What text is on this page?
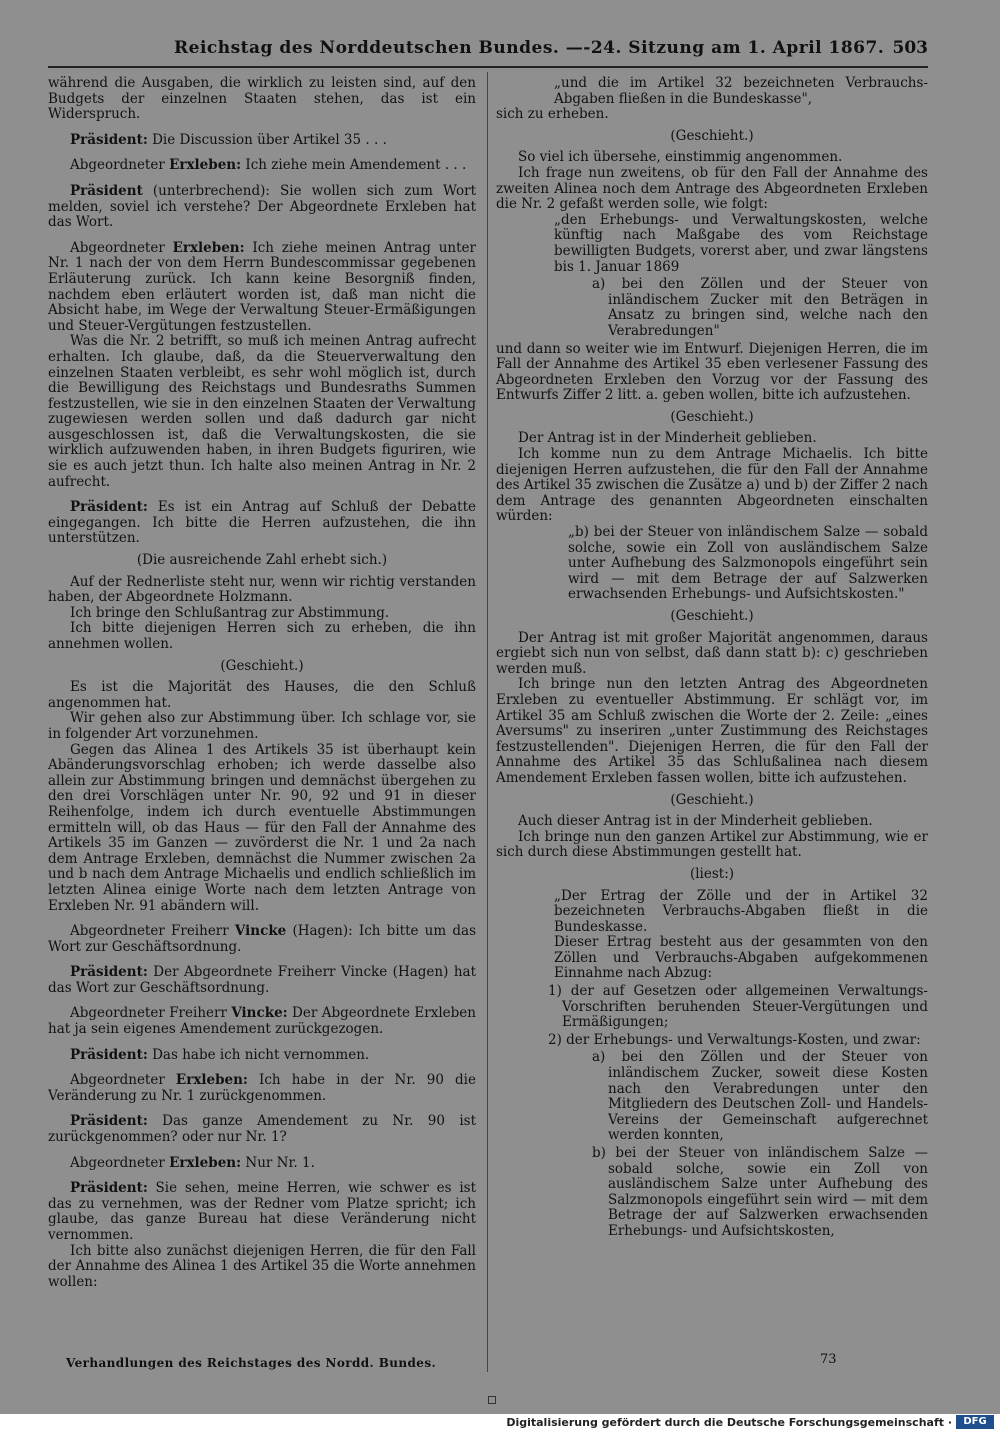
Reichstag des Norddeutschen Bundes. —-24. Sitzung am 1. April 1867. 503

während die Ausgaben, die wirklich zu leisten sind, auf den Budgets der einzelnen Staaten stehen, das ist ein Widerspruch.

Präsident: Die Discussion über Artikel 35 . . .

Abgeordneter Erxleben: Ich ziehe mein Amendement . . .

Präsident (unterbrechend): Sie wollen sich zum Wort melden, soviel ich verstehe? Der Abgeordnete Erxleben hat das Wort.

Abgeordneter Erxleben: Ich ziehe meinen Antrag unter Nr. 1 nach der von dem Herrn Bundescommissar gegebenen Erläuterung zurück. Ich kann keine Besorgniß finden, nachdem eben erläutert worden ist, daß man nicht die Absicht habe, im Wege der Verwaltung Steuer-Ermäßigungen und Steuer-Vergütungen festzustellen.

Was die Nr. 2 betrifft, so muß ich meinen Antrag aufrecht erhalten. Ich glaube, daß, da die Steuerverwaltung den einzelnen Staaten verbleibt, es sehr wohl möglich ist, durch die Bewilligung des Reichstags und Bundesraths Summen festzustellen, wie sie in den einzelnen Staaten der Verwaltung zugewiesen werden sollen und daß dadurch gar nicht ausgeschlossen ist, daß die Verwaltungskosten, die sie wirklich aufzuwenden haben, in ihren Budgets figuriren, wie sie es auch jetzt thun. Ich halte also meinen Antrag in Nr. 2 aufrecht.

Präsident: Es ist ein Antrag auf Schluß der Debatte eingegangen. Ich bitte die Herren aufzustehen, die ihn unterstützen.

(Die ausreichende Zahl erhebt sich.)

Auf der Rednerliste steht nur, wenn wir richtig verstanden haben, der Abgeordnete Holzmann.

Ich bringe den Schlußantrag zur Abstimmung.

Ich bitte diejenigen Herren sich zu erheben, die ihn annehmen wollen.

(Geschieht.)

Es ist die Majorität des Hauses, die den Schluß angenommen hat.

Wir gehen also zur Abstimmung über. Ich schlage vor, sie in folgender Art vorzunehmen.

Gegen das Alinea 1 des Artikels 35 ist überhaupt kein Abänderungsvorschlag erhoben; ich werde dasselbe also allein zur Abstimmung bringen und demnächst übergehen zu den drei Vorschlägen unter Nr. 90, 92 und 91 in dieser Reihenfolge, indem ich durch eventuelle Abstimmungen ermitteln will, ob das Haus — für den Fall der Annahme des Artikels 35 im Ganzen — zuvörderst die Nr. 1 und 2a nach dem Antrage Erxleben, demnächst die Nummer zwischen 2a und b nach dem Antrage Michaelis und endlich schließlich im letzten Alinea einige Worte nach dem letzten Antrage von Erxleben Nr. 91 abändern will.

Abgeordneter Freiherr Vincke (Hagen): Ich bitte um das Wort zur Geschäftsordnung.

Präsident: Der Abgeordnete Freiherr Vincke (Hagen) hat das Wort zur Geschäftsordnung.

Abgeordneter Freiherr Vincke: Der Abgeordnete Erxleben hat ja sein eigenes Amendement zurückgezogen.

Präsident: Das habe ich nicht vernommen.

Abgeordneter Erxleben: Ich habe in der Nr. 90 die Veränderung zu Nr. 1 zurückgenommen.

Präsident: Das ganze Amendement zu Nr. 90 ist zurückgenommen? oder nur Nr. 1?

Abgeordneter Erxleben: Nur Nr. 1.

Präsident: Sie sehen, meine Herren, wie schwer es ist das zu vernehmen, was der Redner vom Platze spricht; ich glaube, das ganze Bureau hat diese Veränderung nicht vernommen.

Ich bitte also zunächst diejenigen Herren, die für den Fall der Annahme des Alinea 1 des Artikel 35 die Worte annehmen wollen:

„und die im Artikel 32 bezeichneten Verbrauchs-Abgaben fließen in die Bundeskasse",

sich zu erheben.

(Geschieht.)

So viel ich übersehe, einstimmig angenommen.

Ich frage nun zweitens, ob für den Fall der Annahme des zweiten Alinea noch dem Antrage des Abgeordneten Erxleben die Nr. 2 gefaßt werden solle, wie folgt:

„den Erhebungs- und Verwaltungskosten, welche künftig nach Maßgabe des vom Reichstage bewilligten Budgets, vorerst aber, und zwar längstens bis 1. Januar 1869

a) bei den Zöllen und der Steuer von inländischem Zucker mit den Beträgen in Ansatz zu bringen sind, welche nach den Verabredungen"

und dann so weiter wie im Entwurf. Diejenigen Herren, die im Fall der Annahme des Artikel 35 eben verlesener Fassung des Abgeordneten Erxleben den Vorzug vor der Fassung des Entwurfs Ziffer 2 litt. a. geben wollen, bitte ich aufzustehen.

(Geschieht.)

Der Antrag ist in der Minderheit geblieben.

Ich komme nun zu dem Antrage Michaelis. Ich bitte diejenigen Herren aufzustehen, die für den Fall der Annahme des Artikel 35 zwischen die Zusätze a) und b) der Ziffer 2 nach dem Antrage des genannten Abgeordneten einschalten würden:

„b) bei der Steuer von inländischem Salze — sobald solche, sowie ein Zoll von ausländischem Salze unter Aufhebung des Salzmonopols eingeführt sein wird — mit dem Betrage der auf Salzwerken erwachsenden Erhebungs- und Aufsichtskosten."

(Geschieht.)

Der Antrag ist mit großer Majorität angenommen, daraus ergiebt sich nun von selbst, daß dann statt b): c) geschrieben werden muß.

Ich bringe nun den letzten Antrag des Abgeordneten Erxleben zu eventueller Abstimmung. Er schlägt vor, im Artikel 35 am Schluß zwischen die Worte der 2. Zeile: „eines Aversums" zu inseriren „unter Zustimmung des Reichstages festzustellenden". Diejenigen Herren, die für den Fall der Annahme des Artikel 35 das Schlußalinea nach diesem Amendement Erxleben fassen wollen, bitte ich aufzustehen.

(Geschieht.)

Auch dieser Antrag ist in der Minderheit geblieben.

Ich bringe nun den ganzen Artikel zur Abstimmung, wie er sich durch diese Abstimmungen gestellt hat.

(liest:)

„Der Ertrag der Zölle und der in Artikel 32 bezeichneten Verbrauchs-Abgaben fließt in die Bundeskasse.

Dieser Ertrag besteht aus der gesammten von den Zöllen und Verbrauchs-Abgaben aufgekommenen Einnahme nach Abzug:

1) der auf Gesetzen oder allgemeinen Verwaltungs-Vorschriften beruhenden Steuer-Vergütungen und Ermäßigungen;

2) der Erhebungs- und Verwaltungs-Kosten, und zwar:

a) bei den Zöllen und der Steuer von inländischem Zucker, soweit diese Kosten nach den Verabredungen unter den Mitgliedern des Deutschen Zoll- und Handels-Vereins der Gemeinschaft aufgerechnet werden konnten,

b) bei der Steuer von inländischem Salze — sobald solche, sowie ein Zoll von ausländischem Salze unter Aufhebung des Salzmonopols eingeführt sein wird — mit dem Betrage der auf Salzwerken erwachsenden Erhebungs- und Aufsichtskosten,

Verhandlungen des Reichstages des Nordd. Bundes.	73
Digitalisierung gefördert durch die Deutsche Forschungsgemeinschaft ·	DFG
